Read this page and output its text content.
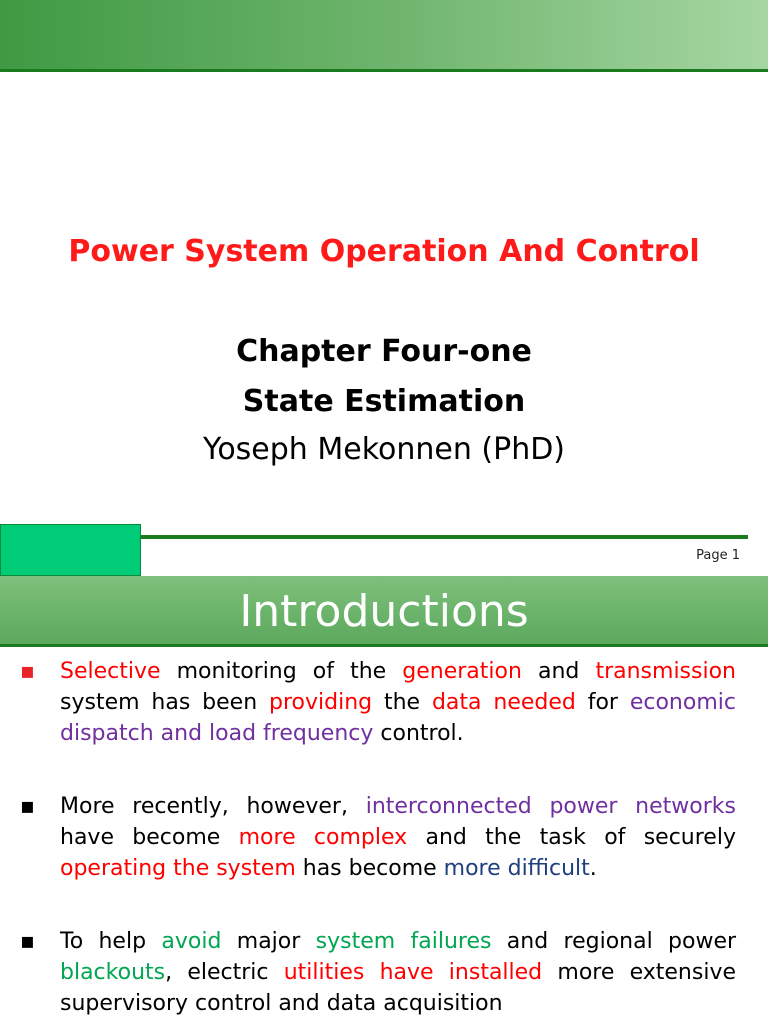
Power System Operation And Control
Chapter Four-one
State Estimation
Yoseph Mekonnen (PhD)
Page 1
Introductions
▪ Selective monitoring of the generation and transmission system has been providing the data needed for economic dispatch and load frequency control.
▪ More recently, however, interconnected power networks have become more complex and the task of securely operating the system has become more difficult.
▪ To help avoid major system failures and regional power blackouts, electric utilities have installed more extensive supervisory control and data acquisition
